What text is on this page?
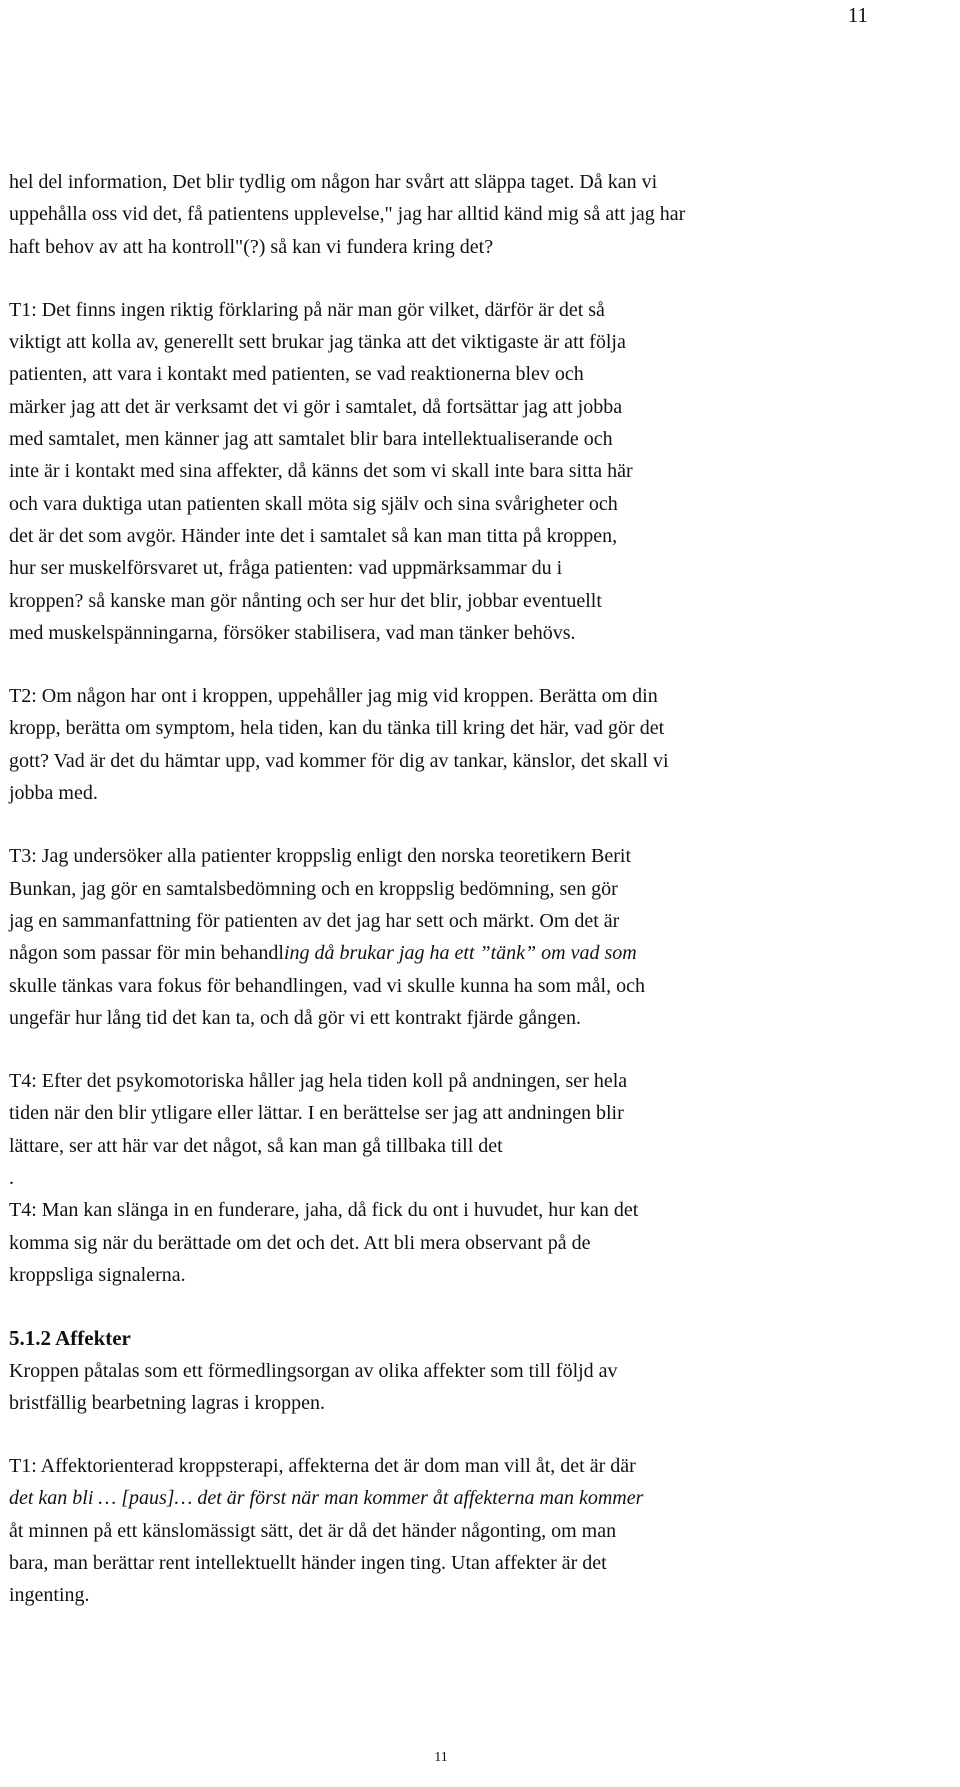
11

hel del information, Det blir tydlig om någon har svårt att släppa taget. Då kan vi
uppehålla oss vid det, få patientens upplevelse," jag har alltid känd mig så att jag har
haft behov av att ha kontroll"(?) så kan vi fundera kring det?

T1: Det finns ingen riktig förklaring på när man gör vilket, därför är det så
viktigt att kolla av, generellt sett brukar jag tänka att det viktigaste är att följa
patienten, att vara i kontakt med patienten, se vad reaktionerna blev och
märker jag att det är verksamt det vi gör i samtalet, då fortsättar jag att jobba
med samtalet, men känner jag att samtalet blir bara intellektualiserande och
inte är i kontakt med sina affekter, då känns det som vi skall inte bara sitta här
och vara duktiga utan patienten skall möta sig själv och sina svårigheter och
det är det som avgör. Händer inte det i samtalet så kan man titta på kroppen,
hur ser muskelförsvaret ut, fråga patienten: vad uppmärksammar du i
kroppen? så kanske man gör nånting och ser hur det blir, jobbar eventuellt
med muskelspänningarna, försöker stabilisera, vad man tänker behövs.

T2: Om någon har ont i kroppen, uppehåller jag mig vid kroppen. Berätta om din
kropp, berätta om symptom, hela tiden, kan du tänka till kring det här, vad gör det
gott? Vad är det du hämtar upp, vad kommer för dig av tankar, känslor, det skall vi
jobba med.

T3: Jag undersöker alla patienter kroppslig enligt den norska teoretikern Berit
Bunkan, jag gör en samtalsbedömning och en kroppslig bedömning, sen gör
jag en sammanfattning för patienten av det jag har sett och märkt. Om det är
någon som passar för min behandling då brukar jag ha ett ”tänk” om vad som
skulle tänkas vara fokus för behandlingen, vad vi skulle kunna ha som mål, och
ungefär hur lång tid det kan ta, och då gör vi ett kontrakt fjärde gången.

T4: Efter det psykomotoriska håller jag hela tiden koll på andningen, ser hela
tiden när den blir ytligare eller lättar. I en berättelse ser jag att andningen blir
lättare, ser att här var det något, så kan man gå tillbaka till det
.

T4: Man kan slänga in en funderare, jaha, då fick du ont i huvudet, hur kan det
komma sig när du berättade om det och det. Att bli mera observant på de
kroppsliga signalerna.

5.1.2 Affekter

Kroppen påtalas som ett förmedlingsorgan av olika affekter som till följd av
bristfällig bearbetning lagras i kroppen.

T1: Affektorienterad kroppsterapi, affekterna det är dom man vill åt, det är där
det kan bli … [paus]… det är först när man kommer åt affekterna man kommer
åt minnen på ett känslomässigt sätt, det är då det händer någonting, om man
bara, man berättar rent intellektuellt händer ingen ting. Utan affekter är det
ingenting.

11
